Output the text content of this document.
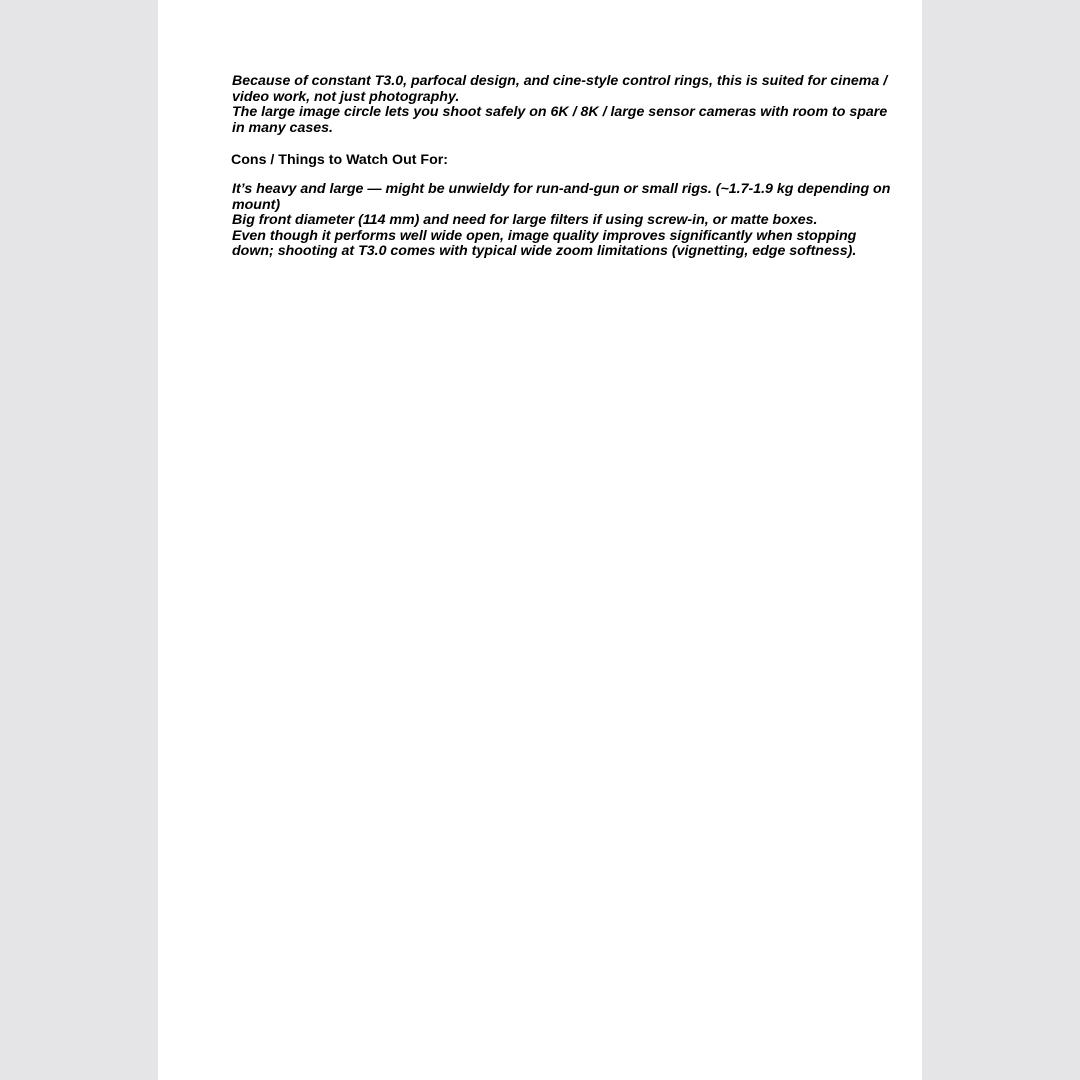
Because of constant T3.0, parfocal design, and cine-style control rings, this is suited for cinema / video work, not just photography.

The large image circle lets you shoot safely on 6K / 8K / large sensor cameras with room to spare in many cases.

Cons / Things to Watch Out For:

It’s heavy and large — might be unwieldy for run-and-gun or small rigs. (~1.7-1.9 kg depending on mount)

Big front diameter (114 mm) and need for large filters if using screw-in, or matte boxes.

Even though it performs well wide open, image quality improves significantly when stopping down; shooting at T3.0 comes with typical wide zoom limitations (vignetting, edge softness).
